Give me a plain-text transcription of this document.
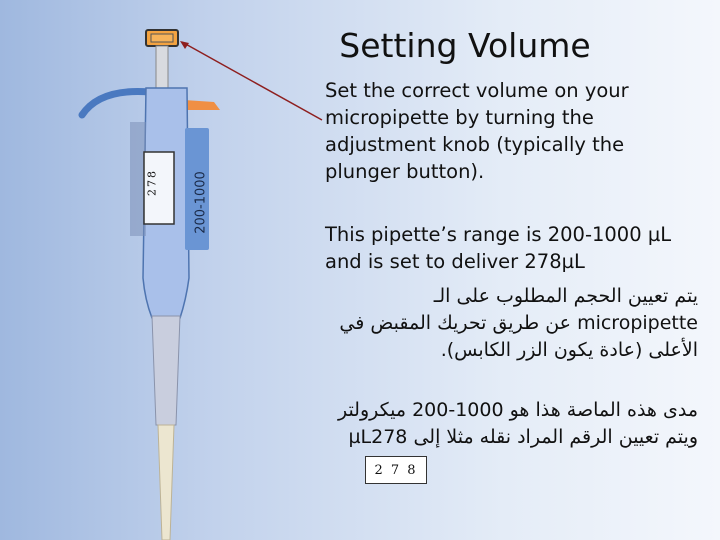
278	200-1000
Setting Volume
Set the correct volume on your micropipette by turning the adjustment knob (typically the plunger button).
This pipette’s range is 200-1000 µL and is set to deliver 278µL
يتم تعيين الحجم المطلوب على الـ micropipette عن طريق تحريك المقبض في الأعلى (عادة يكون الزر الكابس).
مدى هذه الماصة هذا هو 1000-200 ميكرولتر ويتم تعيين الرقم المراد نقله مثلا إلى µL278
2 7 8
